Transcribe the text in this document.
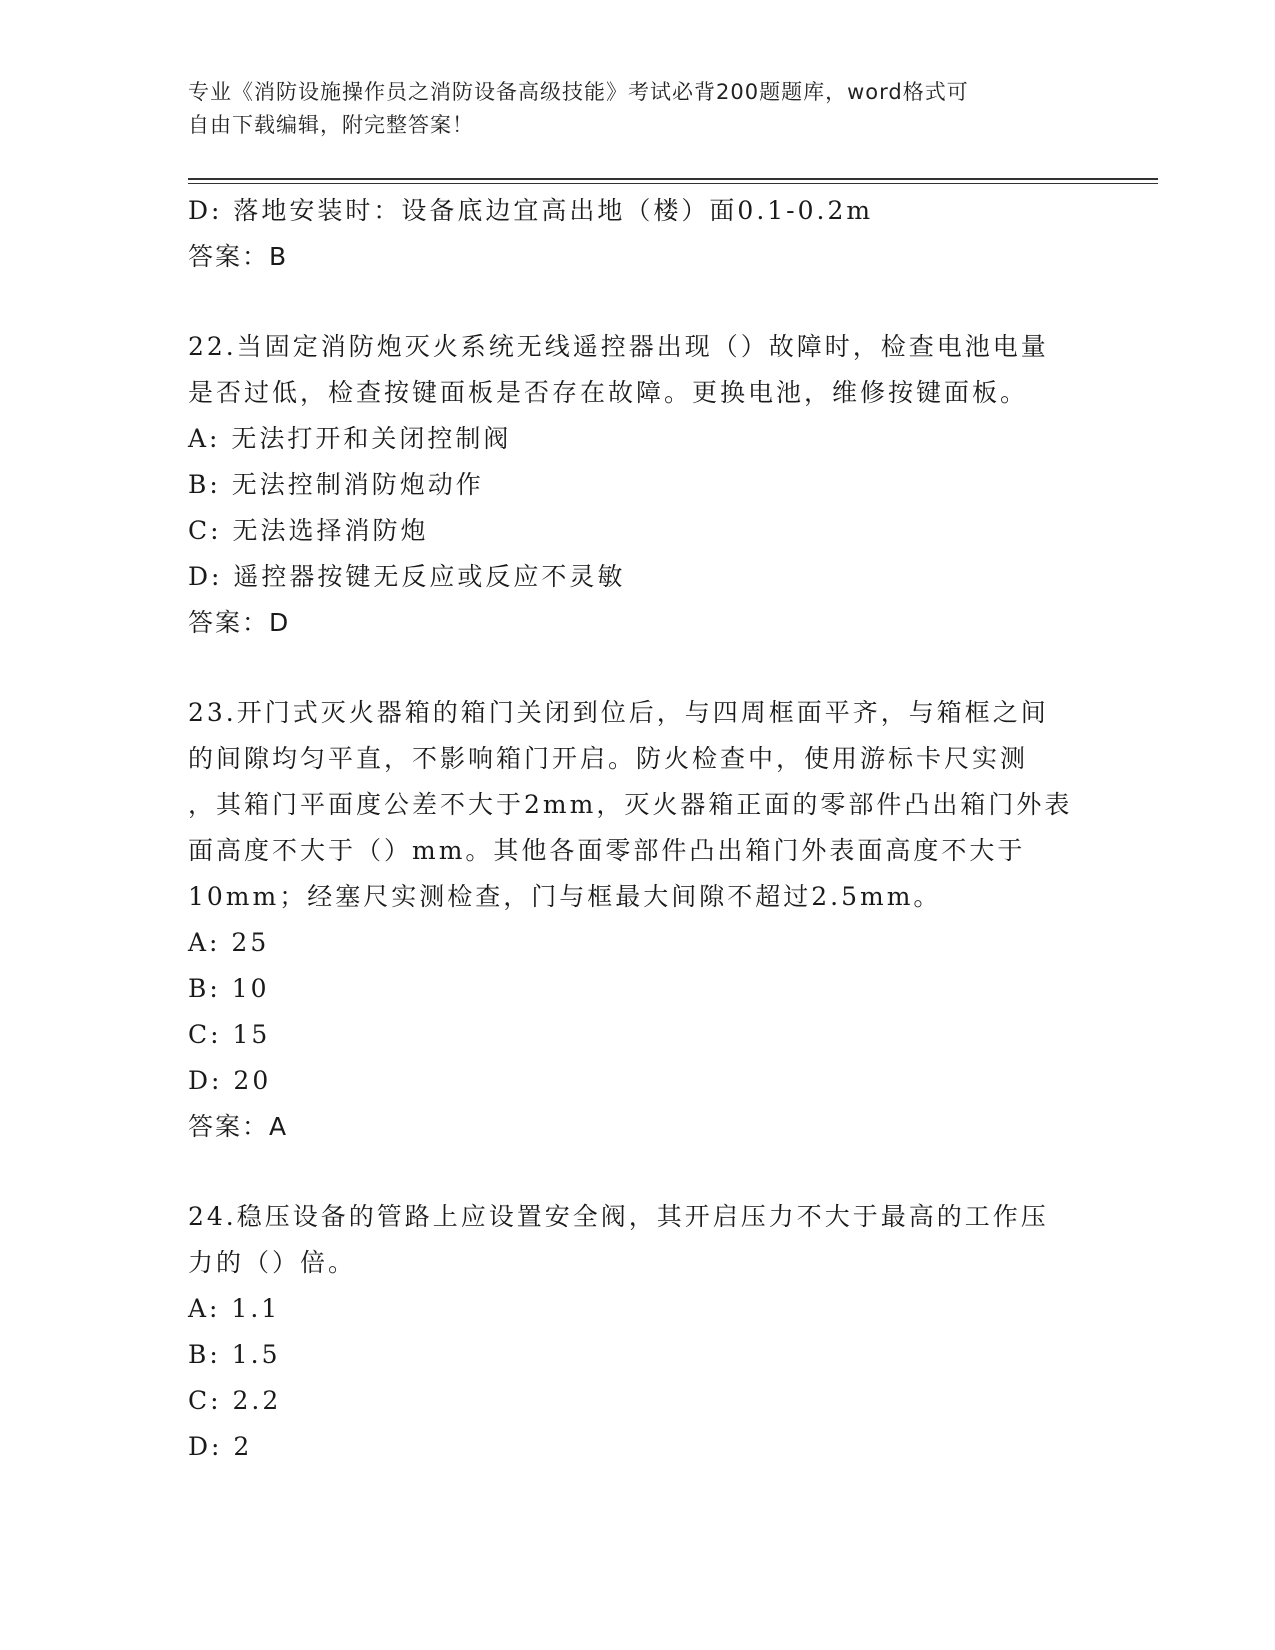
专业《消防设施操作员之消防设备高级技能》考试必背200题题库，word格式可
自由下载编辑，附完整答案！
D: 落地安装时：设备底边宜高出地（楼）面0.1-0.2m
答案：B
22.当固定消防炮灭火系统无线遥控器出现（）故障时，检查电池电量
是否过低，检查按键面板是否存在故障。更换电池，维修按键面板。
A: 无法打开和关闭控制阀
B: 无法控制消防炮动作
C: 无法选择消防炮
D: 遥控器按键无反应或反应不灵敏
答案：D
23.开门式灭火器箱的箱门关闭到位后，与四周框面平齐，与箱框之间
的间隙均匀平直，不影响箱门开启。防火检查中，使用游标卡尺实测
，其箱门平面度公差不大于2mm，灭火器箱正面的零部件凸出箱门外表
面高度不大于（）mm。其他各面零部件凸出箱门外表面高度不大于
10mm；经塞尺实测检查，门与框最大间隙不超过2.5mm。
A: 25
B: 10
C: 15
D: 20
答案：A
24.稳压设备的管路上应设置安全阀，其开启压力不大于最高的工作压
力的（）倍。
A: 1.1
B: 1.5
C: 2.2
D: 2
